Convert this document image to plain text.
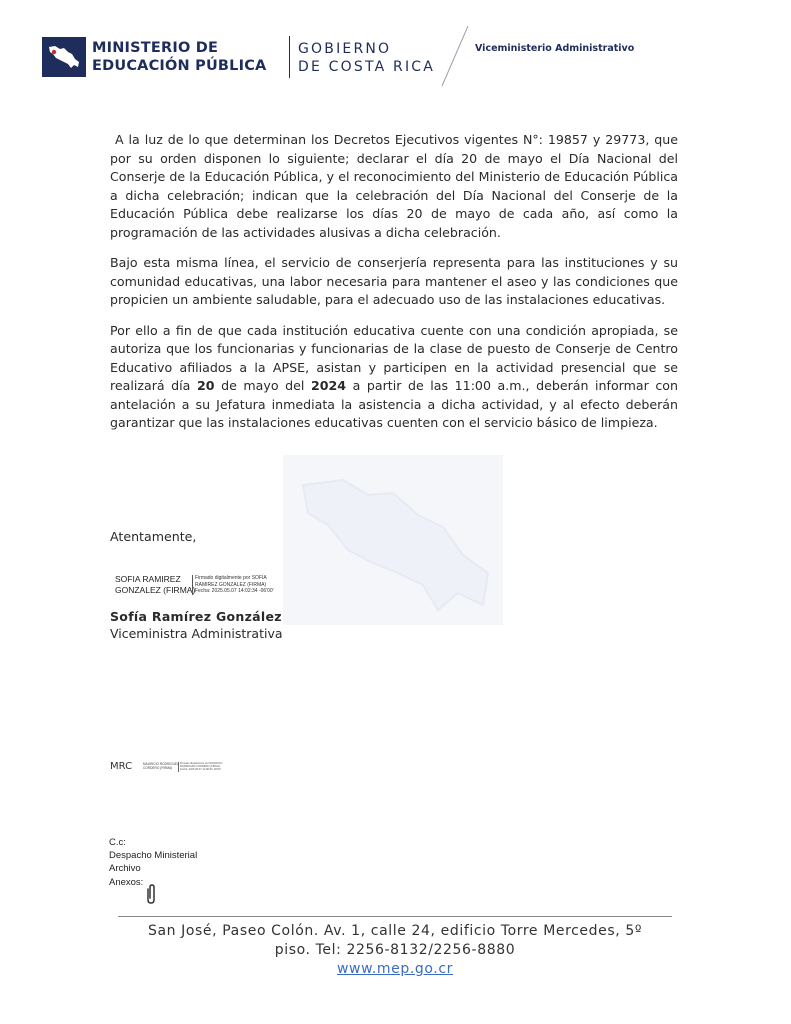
MINISTERIO DE
EDUCACIÓN PÚBLICA
GOBIERNO
DE COSTA RICA
Viceministerio Administrativo

A la luz de lo que determinan los Decretos Ejecutivos vigentes N°: 19857 y 29773, que por su orden disponen lo siguiente; declarar el día 20 de mayo el Día Nacional del Conserje de la Educación Pública, y el reconocimiento del Ministerio de Educación Pública a dicha celebración; indican que la celebración del Día Nacional del Conserje de la Educación Pública debe realizarse los días 20 de mayo de cada año, así como la programación de las actividades alusivas a dicha celebración.

Bajo esta misma línea, el servicio de conserjería representa para las instituciones y su comunidad educativas, una labor necesaria para mantener el aseo y las condiciones que propicien un ambiente saludable, para el adecuado uso de las instalaciones educativas.

Por ello a fin de que cada institución educativa cuente con una condición apropiada, se autoriza que los funcionarias y funcionarias de la clase de puesto de Conserje de Centro Educativo afiliados a la APSE, asistan y participen en la actividad presencial que se realizará día 20 de mayo del 2024 a partir de las 11:00 a.m., deberán informar con antelación a su Jefatura inmediata la asistencia a dicha actividad, y al efecto deberán garantizar que las instalaciones educativas cuenten con el servicio básico de limpieza.

Atentamente,
SOFIA RAMIREZ
GONZALEZ (FIRMA)
Firmado digitalmente por SOFIA
RAMIREZ GONZALEZ (FIRMA)
Fecha: 2025.05.07 14:02:34 -06'00'
Sofía Ramírez González
Viceministra Administrativa
MRC	MAURICIO RODRIGUEZ
CORDERO (FIRMA)
Firmado digitalmente por MAURICIO
RODRIGUEZ CORDERO (FIRMA)
Fecha: 2025.05.07 12:08:30 -06'00'
C.c:
Despacho Ministerial
Archivo
Anexos:
San José, Paseo Colón. Av. 1, calle 24, edificio Torre Mercedes, 5º
piso. Tel: 2256-8132/2256-8880
www.mep.go.cr
